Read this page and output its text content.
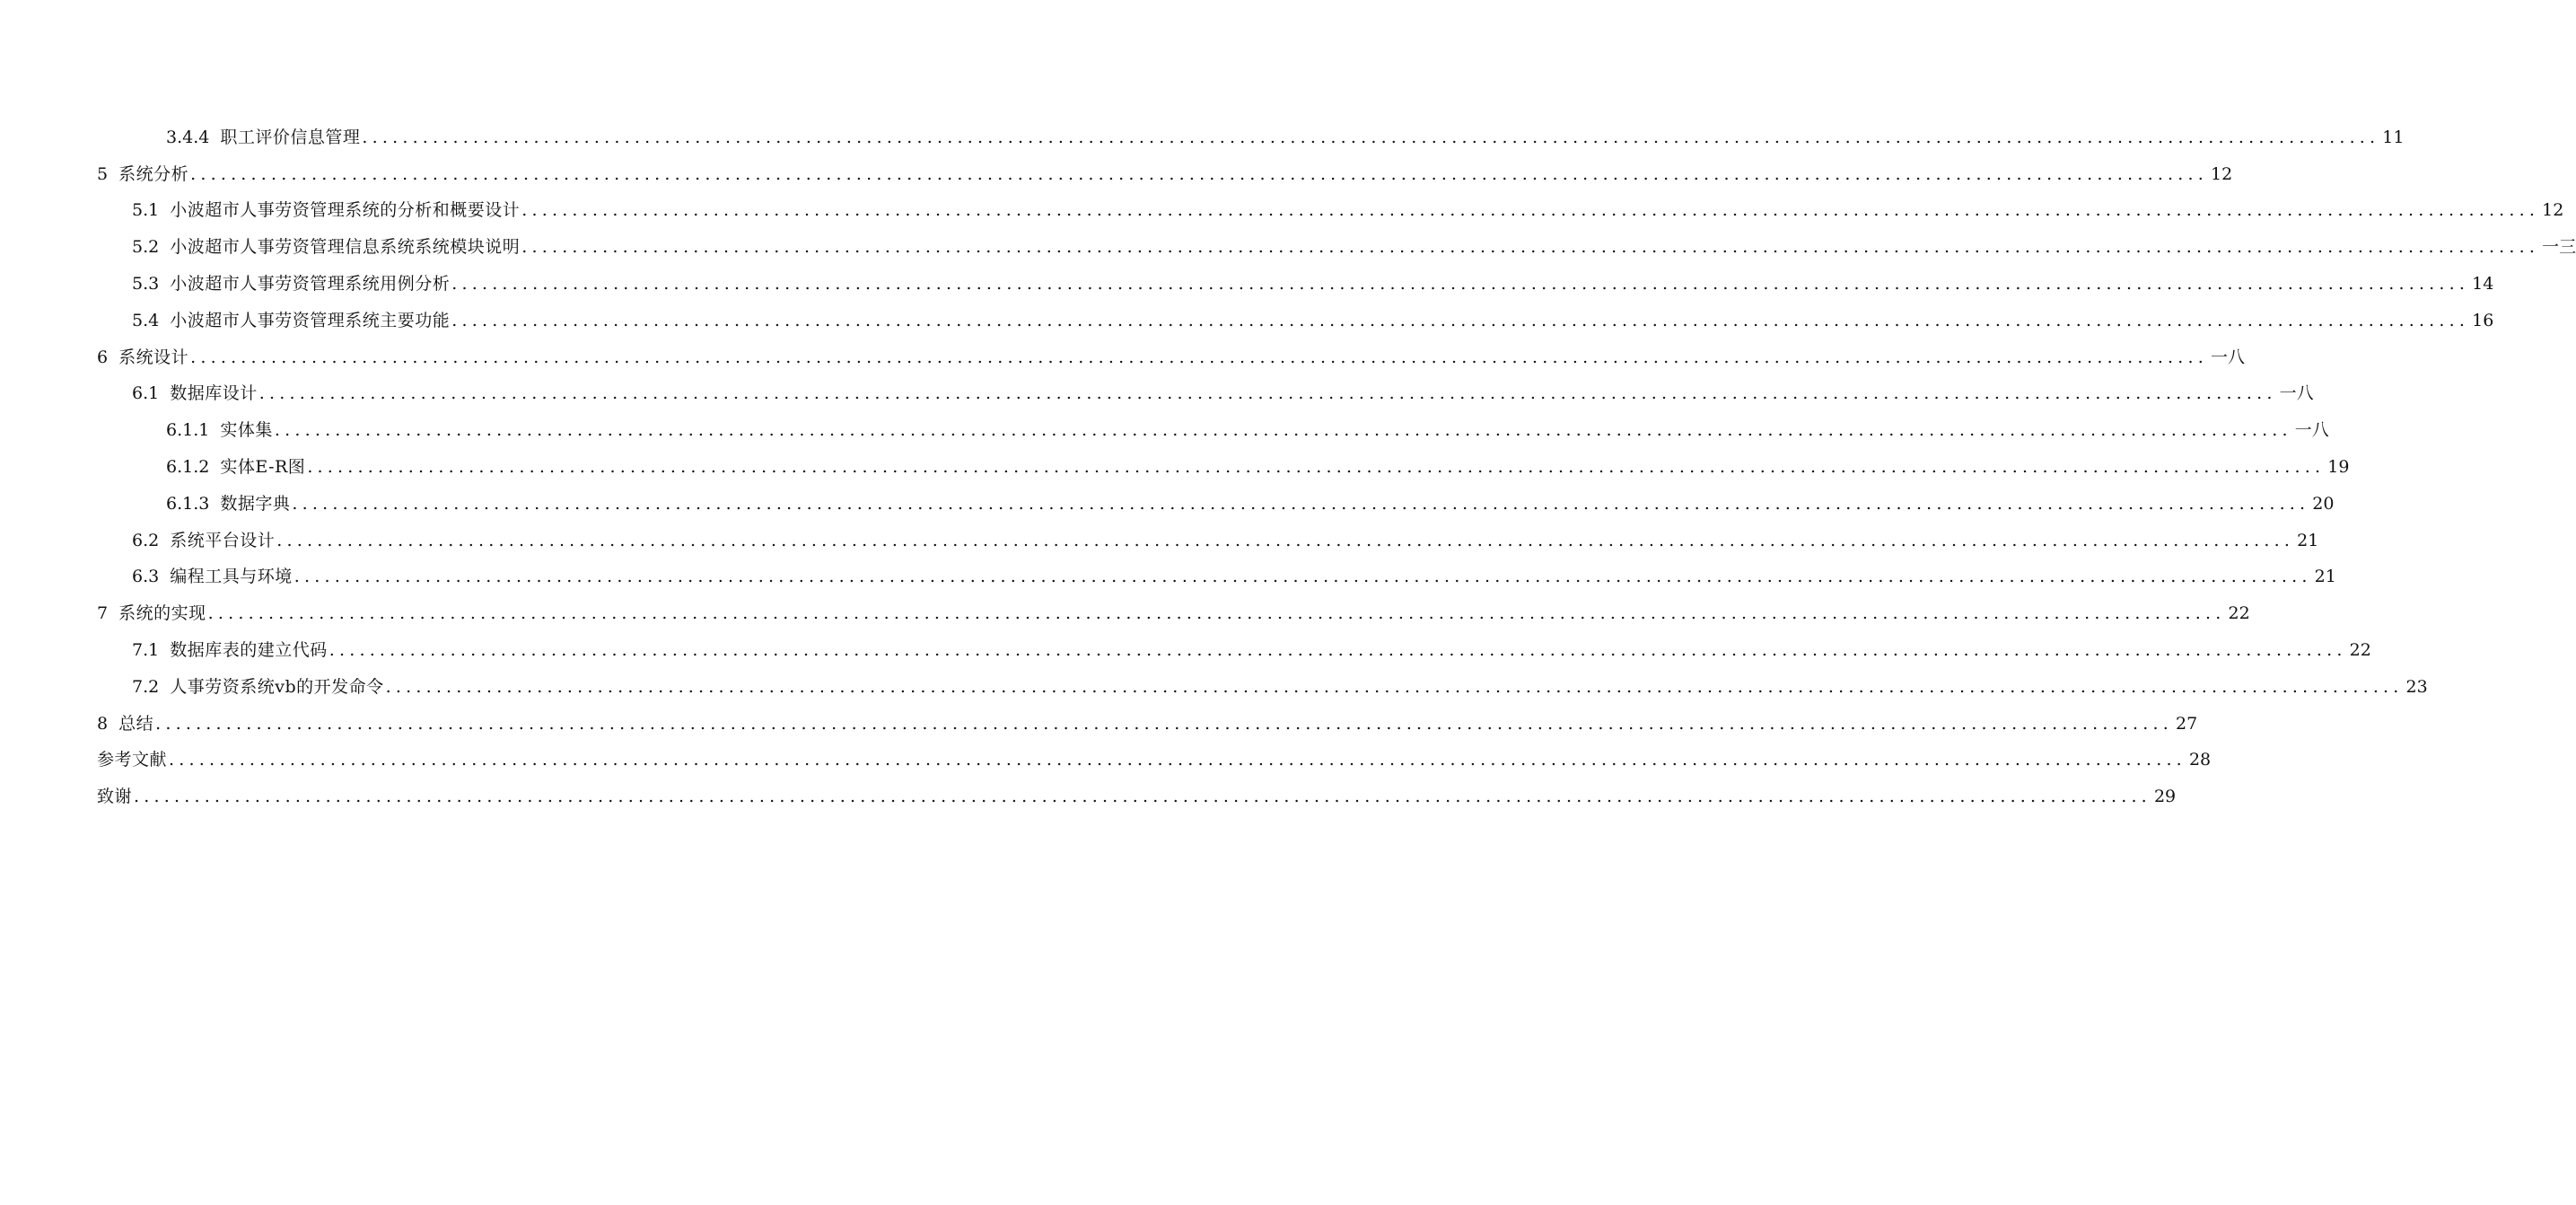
3.4.4 职工评价信息管理 ........................................................................................................................................................................................................ 11
5 系统分析 ........................................................................................................................................................................................................ 12
5.1 小波超市人事劳资管理系统的分析和概要设计 ........................................................................................................................................................................................................ 12
5.2 小波超市人事劳资管理信息系统系统模块说明 ........................................................................................................................................................................................................ 一三
5.3 小波超市人事劳资管理系统用例分析 ........................................................................................................................................................................................................ 14
5.4 小波超市人事劳资管理系统主要功能 ........................................................................................................................................................................................................ 16
6 系统设计 ........................................................................................................................................................................................................ 一八
6.1 数据库设计 ........................................................................................................................................................................................................ 一八
6.1.1 实体集 ........................................................................................................................................................................................................ 一八
6.1.2 实体E-R图 ........................................................................................................................................................................................................ 19
6.1.3 数据字典 ........................................................................................................................................................................................................ 20
6.2 系统平台设计 ........................................................................................................................................................................................................ 21
6.3 编程工具与环境 ........................................................................................................................................................................................................ 21
7 系统的实现 ........................................................................................................................................................................................................ 22
7.1 数据库表的建立代码 ........................................................................................................................................................................................................ 22
7.2 人事劳资系统vb的开发命令 ........................................................................................................................................................................................................ 23
8 总结 ........................................................................................................................................................................................................ 27
参考文献 ........................................................................................................................................................................................................ 28
致谢 ........................................................................................................................................................................................................ 29
